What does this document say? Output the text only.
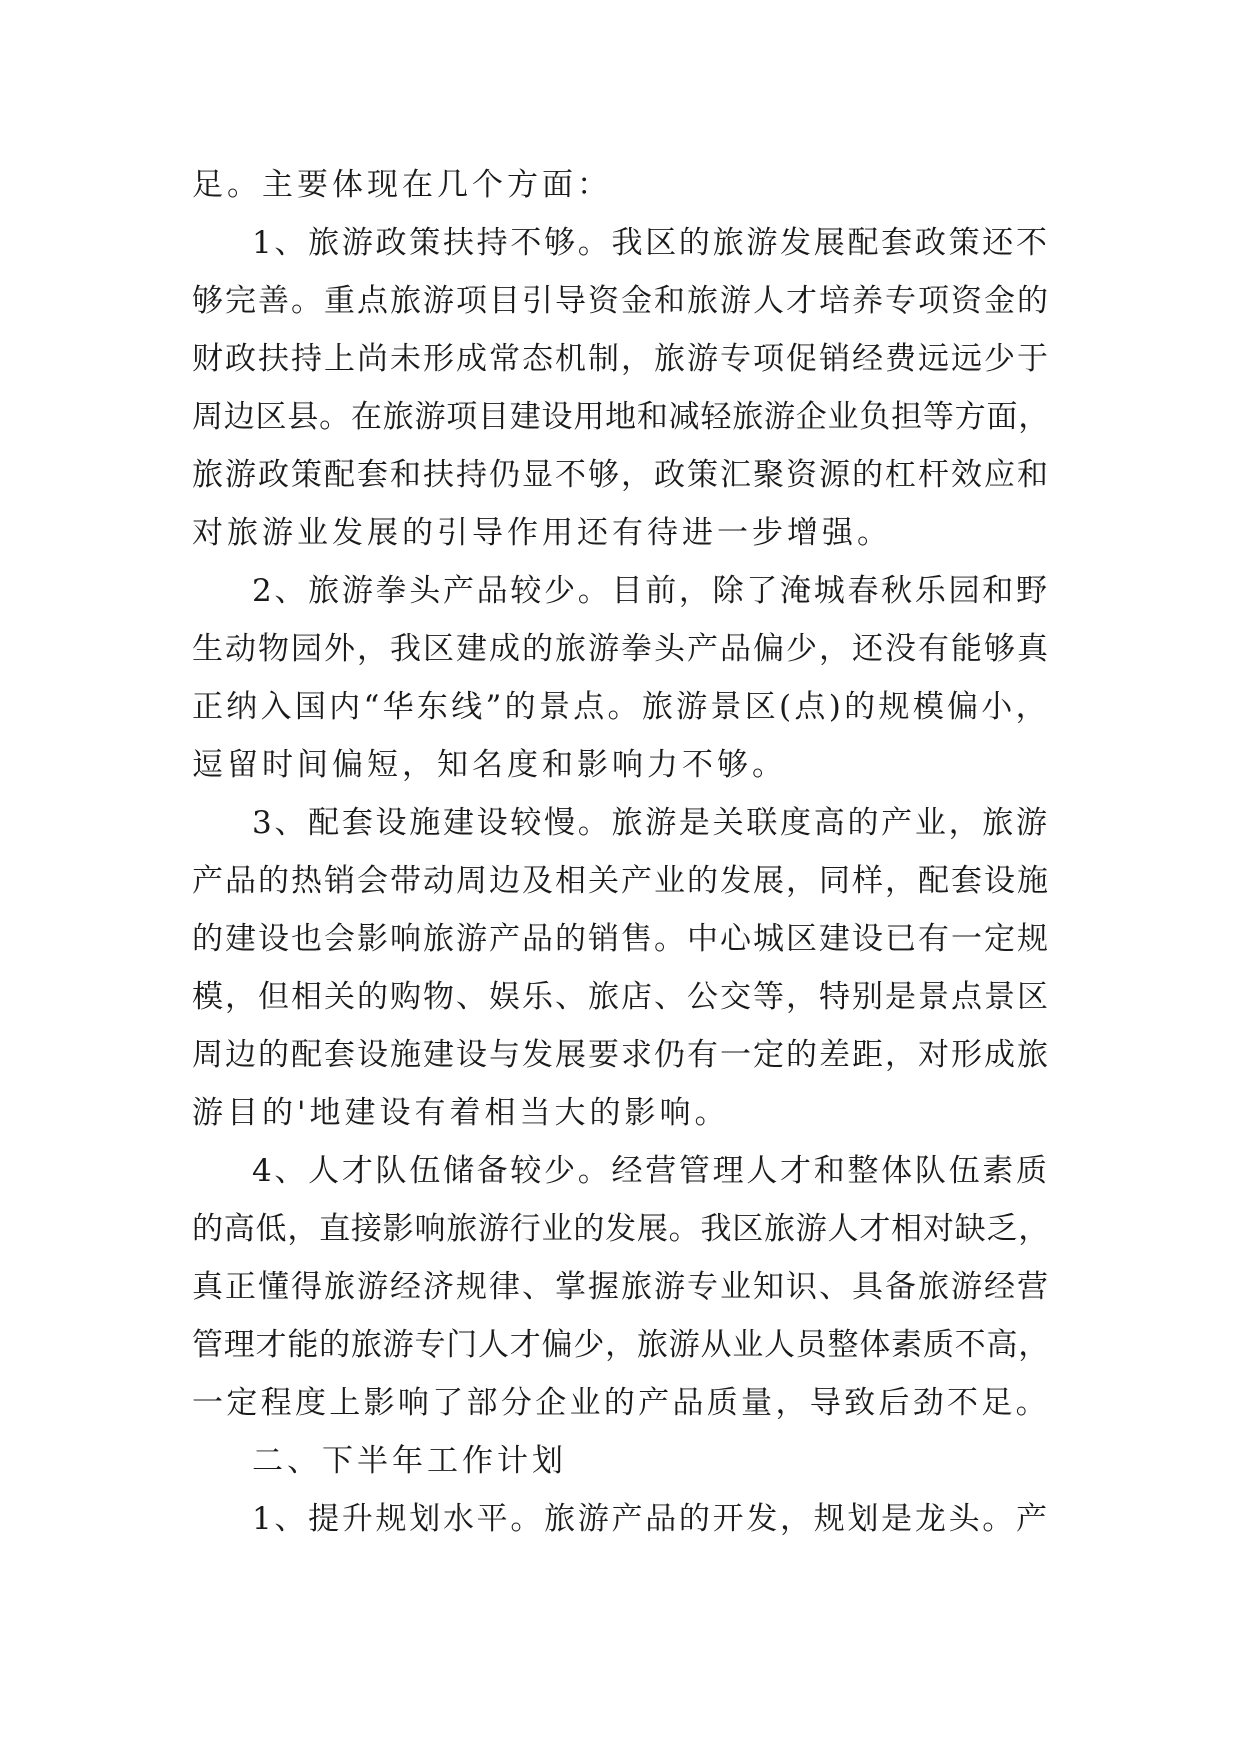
足。主要体现在几个方面：
1、旅游政策扶持不够。我区的旅游发展配套政策还不
够完善。重点旅游项目引导资金和旅游人才培养专项资金的
财政扶持上尚未形成常态机制，旅游专项促销经费远远少于
周边区县。在旅游项目建设用地和减轻旅游企业负担等方面，
旅游政策配套和扶持仍显不够，政策汇聚资源的杠杆效应和
对旅游业发展的引导作用还有待进一步增强。
2、旅游拳头产品较少。目前，除了淹城春秋乐园和野
生动物园外，我区建成的旅游拳头产品偏少，还没有能够真
正纳入国内“华东线”的景点。旅游景区(点)的规模偏小，
逗留时间偏短，知名度和影响力不够。
3、配套设施建设较慢。旅游是关联度高的产业，旅游
产品的热销会带动周边及相关产业的发展，同样，配套设施
的建设也会影响旅游产品的销售。中心城区建设已有一定规
模，但相关的购物、娱乐、旅店、公交等，特别是景点景区
周边的配套设施建设与发展要求仍有一定的差距，对形成旅
游目的'地建设有着相当大的影响。
4、人才队伍储备较少。经营管理人才和整体队伍素质
的高低，直接影响旅游行业的发展。我区旅游人才相对缺乏，
真正懂得旅游经济规律、掌握旅游专业知识、具备旅游经营
管理才能的旅游专门人才偏少，旅游从业人员整体素质不高，
一定程度上影响了部分企业的产品质量，导致后劲不足。
二、下半年工作计划
1、提升规划水平。旅游产品的开发，规划是龙头。产
